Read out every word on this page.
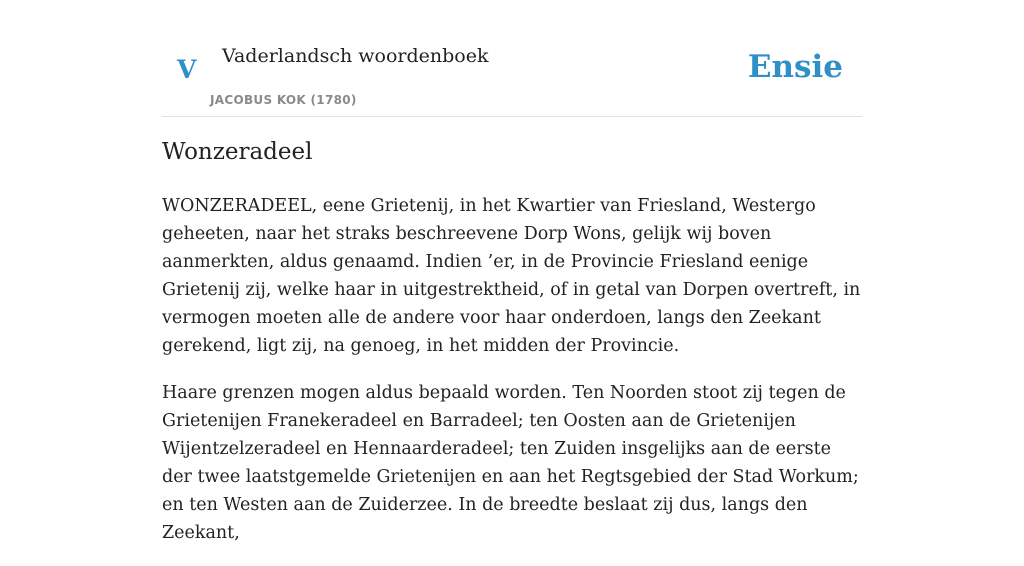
V Vaderlandsch woordenboek
JACOBUS KOK (1780)
Ensie
Wonzeradeel

WONZERADEEL, eene Grietenij, in het Kwartier van Friesland, Westergo geheeten, naar het straks beschreevene Dorp Wons, gelijk wij boven aanmerkten, aldus genaamd. Indien ’er, in de Provincie Friesland eenige Grietenij zij, welke haar in uitgestrektheid, of in getal van Dorpen overtreft, in vermogen moeten alle de andere voor haar onderdoen, langs den Zeekant gerekend, ligt zij, na genoeg, in het midden der Provincie.

Haare grenzen mogen aldus bepaald worden. Ten Noorden stoot zij tegen de Grietenijen Franekeradeel en Barradeel; ten Oosten aan de Grietenijen Wijentzelzeradeel en Hennaarderadeel; ten Zuiden insgelijks aan de eerste der twee laatstgemelde Grietenijen en aan het Regtsgebied der Stad Workum; en ten Westen aan de Zuiderzee. In de breedte beslaat zij dus, langs den Zeekant,
